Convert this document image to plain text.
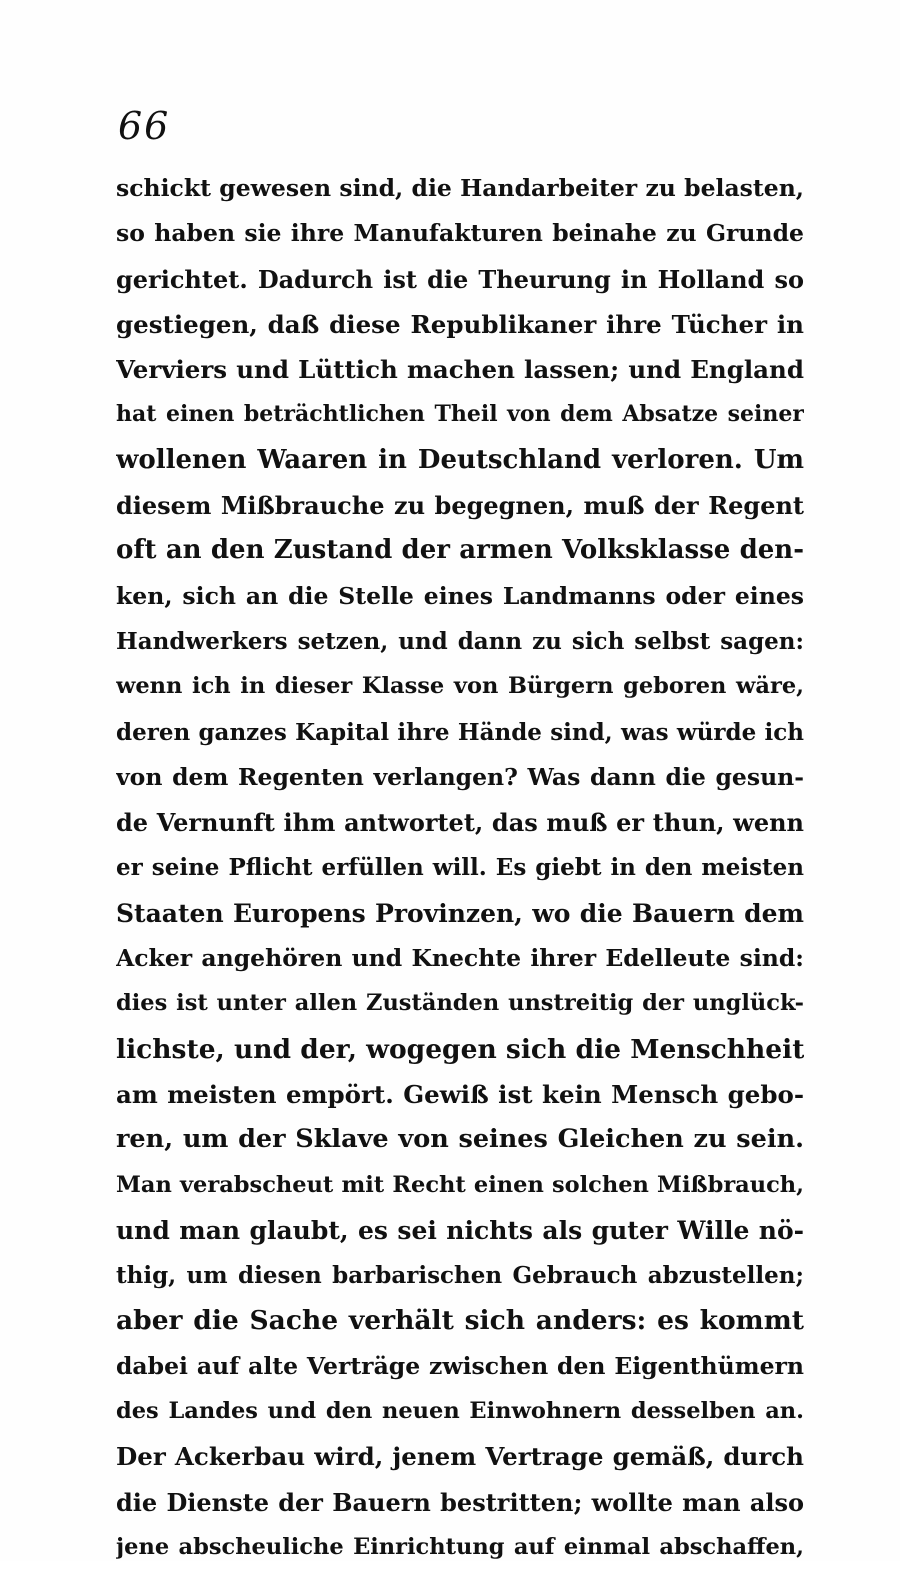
66
schickt gewesen sind, die Handarbeiter zu belasten,
so haben sie ihre Manufakturen beinahe zu Grunde
gerichtet. Dadurch ist die Theurung in Holland so
gestiegen, daß diese Republikaner ihre Tücher in
Verviers und Lüttich machen lassen; und England
hat einen beträchtlichen Theil von dem Absatze seiner
wollenen Waaren in Deutschland verloren. Um
diesem Mißbrauche zu begegnen, muß der Regent
oft an den Zustand der armen Volksklasse den-
ken, sich an die Stelle eines Landmanns oder eines
Handwerkers setzen, und dann zu sich selbst sagen:
wenn ich in dieser Klasse von Bürgern geboren wäre,
deren ganzes Kapital ihre Hände sind, was würde ich
von dem Regenten verlangen? Was dann die gesun-
de Vernunft ihm antwortet, das muß er thun, wenn
er seine Pflicht erfüllen will. Es giebt in den meisten
Staaten Europens Provinzen, wo die Bauern dem
Acker angehören und Knechte ihrer Edelleute sind:
dies ist unter allen Zuständen unstreitig der unglück-
lichste, und der, wogegen sich die Menschheit
am meisten empört. Gewiß ist kein Mensch gebo-
ren, um der Sklave von seines Gleichen zu sein.
Man verabscheut mit Recht einen solchen Mißbrauch,
und man glaubt, es sei nichts als guter Wille nö-
thig, um diesen barbarischen Gebrauch abzustellen;
aber die Sache verhält sich anders: es kommt
dabei auf alte Verträge zwischen den Eigenthümern
des Landes und den neuen Einwohnern desselben an.
Der Ackerbau wird, jenem Vertrage gemäß, durch
die Dienste der Bauern bestritten; wollte man also
jene abscheuliche Einrichtung auf einmal abschaffen,
